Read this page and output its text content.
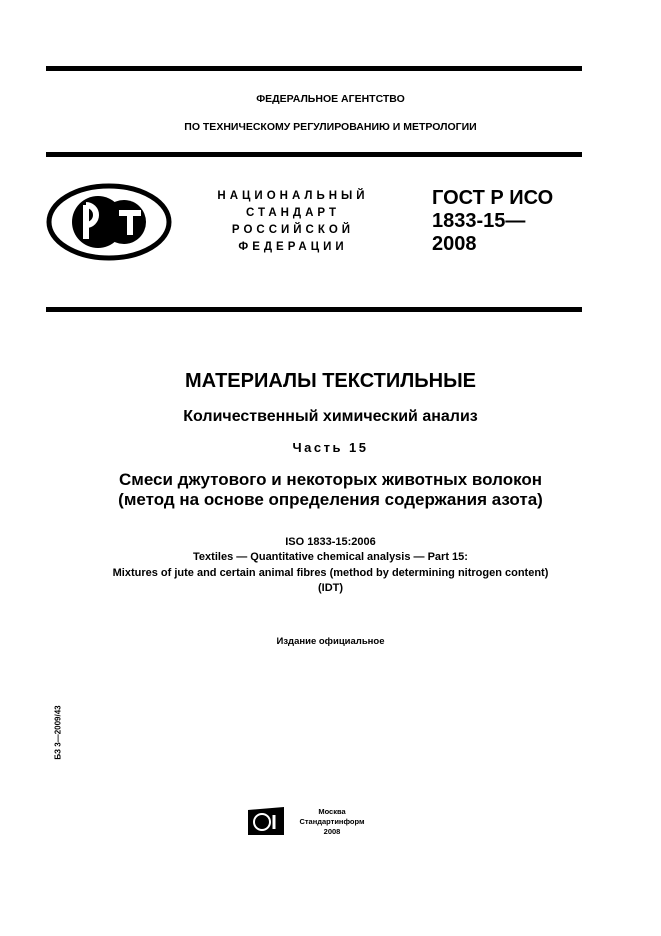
ФЕДЕРАЛЬНОЕ АГЕНТСТВО
ПО ТЕХНИЧЕСКОМУ РЕГУЛИРОВАНИЮ И МЕТРОЛОГИИ
НАЦИОНАЛЬНЫЙ
СТАНДАРТ
РОССИЙСКОЙ
ФЕДЕРАЦИИ
ГОСТ Р ИСО
1833-15—
2008
МАТЕРИАЛЫ ТЕКСТИЛЬНЫЕ
Количественный химический анализ
Часть 15
Смеси джутового и некоторых животных волокон
(метод на основе определения содержания азота)
ISO 1833-15:2006
Textiles — Quantitative chemical analysis — Part 15:
Mixtures of jute and certain animal fibres (method by determining nitrogen content)
(IDT)
Издание официальное
БЗ 3—2009/43
Москва
Стандартинформ
2008
